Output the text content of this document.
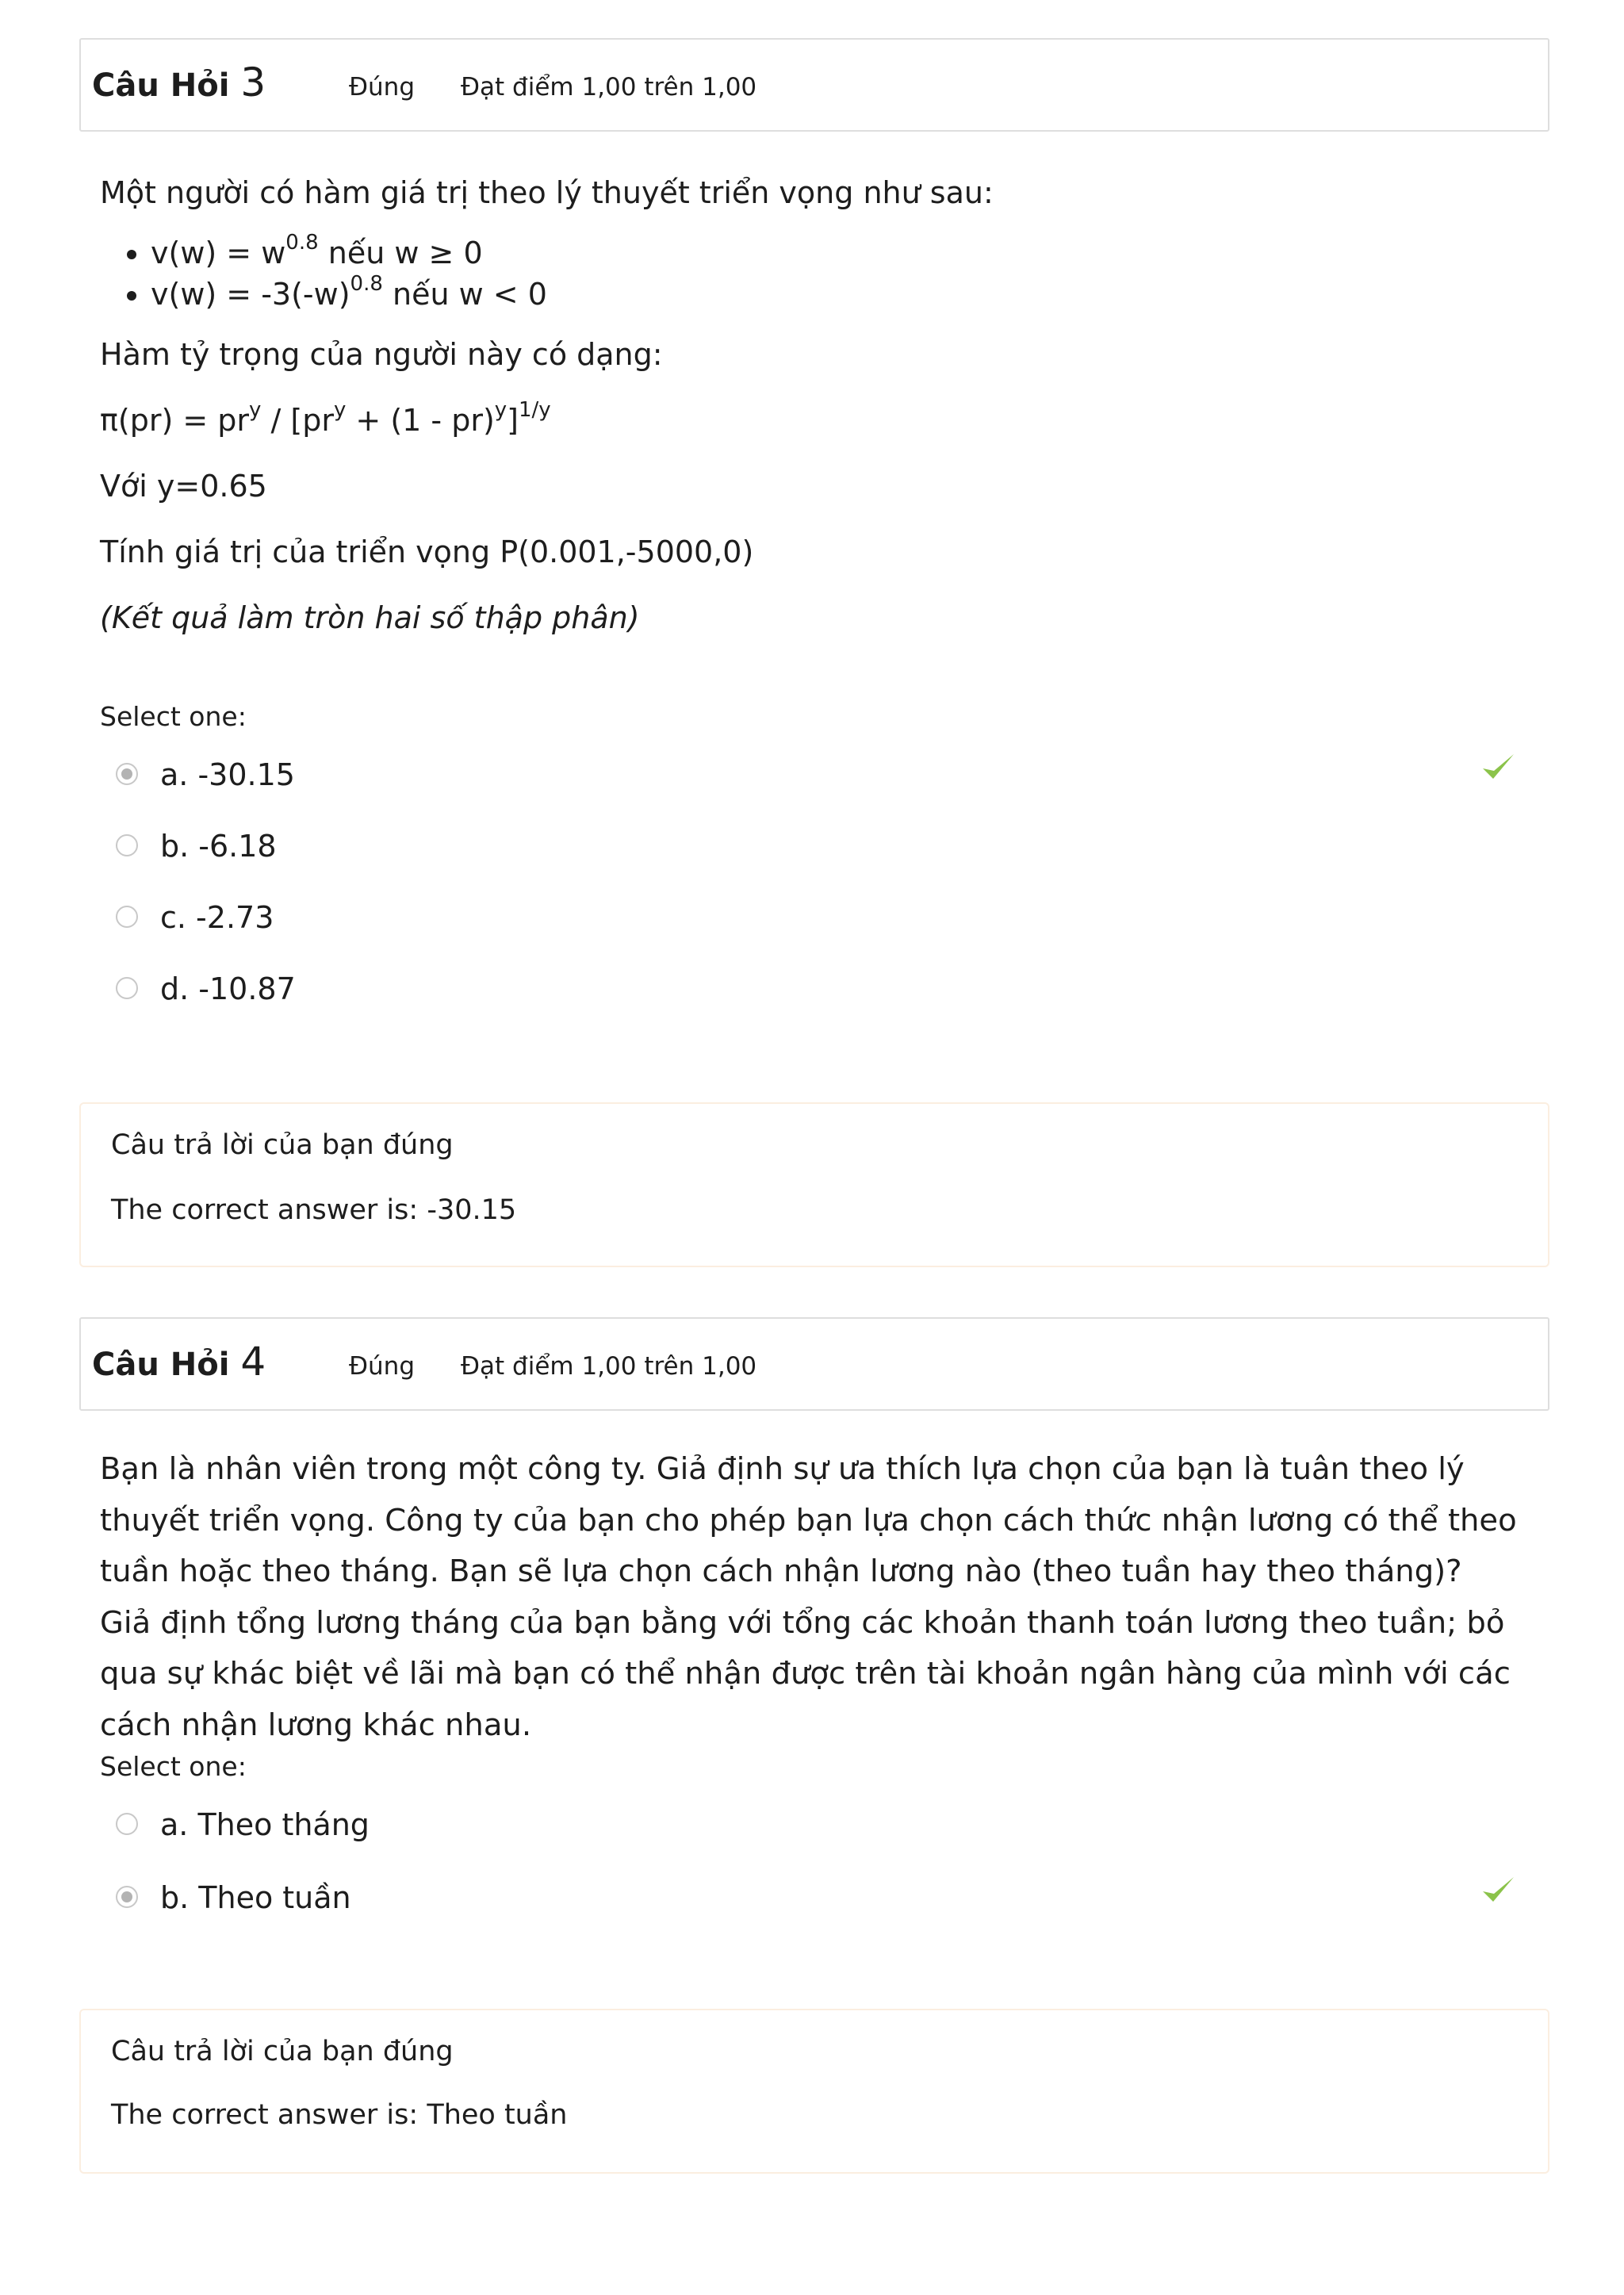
Câu Hỏi 3	Đúng Đạt điểm 1,00 trên 1,00

Một người có hàm giá trị theo lý thuyết triển vọng như sau:

• $v(w) = w^{0.8}$ nếu w ≥ 0
• $v(w) = -3(-w)^{0.8}$ nếu w < 0

Hàm tỷ trọng của người này có dạng:

$\pi(pr) = pr^y / [pr^y + (1 - pr)^y]^{1/y}$

Với y=0.65

Tính giá trị của triển vọng P(0.001,-5000,0)

(Kết quả làm tròn hai số thập phân)

Select one:
a. -30.15
b. -6.18
c. -2.73
d. -10.87
Câu trả lời của bạn đúng
The correct answer is: -30.15
Câu Hỏi 4	Đúng Đạt điểm 1,00 trên 1,00

Bạn là nhân viên trong một công ty. Giả định sự ưa thích lựa chọn của bạn là tuân theo lý thuyết triển vọng. Công ty của bạn cho phép bạn lựa chọn cách thức nhận lương có thể theo tuần hoặc theo tháng. Bạn sẽ lựa chọn cách nhận lương nào (theo tuần hay theo tháng)? Giả định tổng lương tháng của bạn bằng với tổng các khoản thanh toán lương theo tuần; bỏ qua sự khác biệt về lãi mà bạn có thể nhận được trên tài khoản ngân hàng của mình với các cách nhận lương khác nhau.

Select one:
a. Theo tháng
b. Theo tuần
Câu trả lời của bạn đúng
The correct answer is: Theo tuần
